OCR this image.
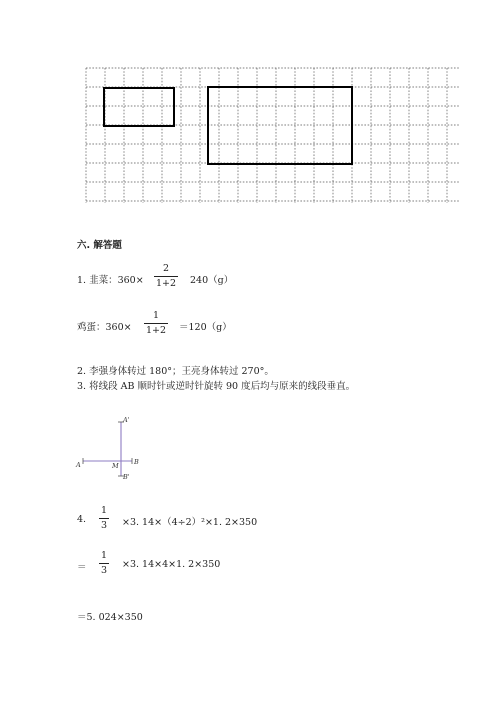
六. 解答题
1. 韭菜：360×
2
1+2 240（g）
鸡蛋：360×
1
1+2 ＝120（g）
2. 李强身体转过 180°；王亮身体转过 270°。
3. 将线段 AB 顺时针或逆时针旋转 90 度后均与原来的线段垂直。
A'
A	M B
B'
4.
1
3 ×3. 14×（4÷2）²×1. 2×350
＝
1
3 ×3. 14×4×1. 2×350
＝5. 024×350
